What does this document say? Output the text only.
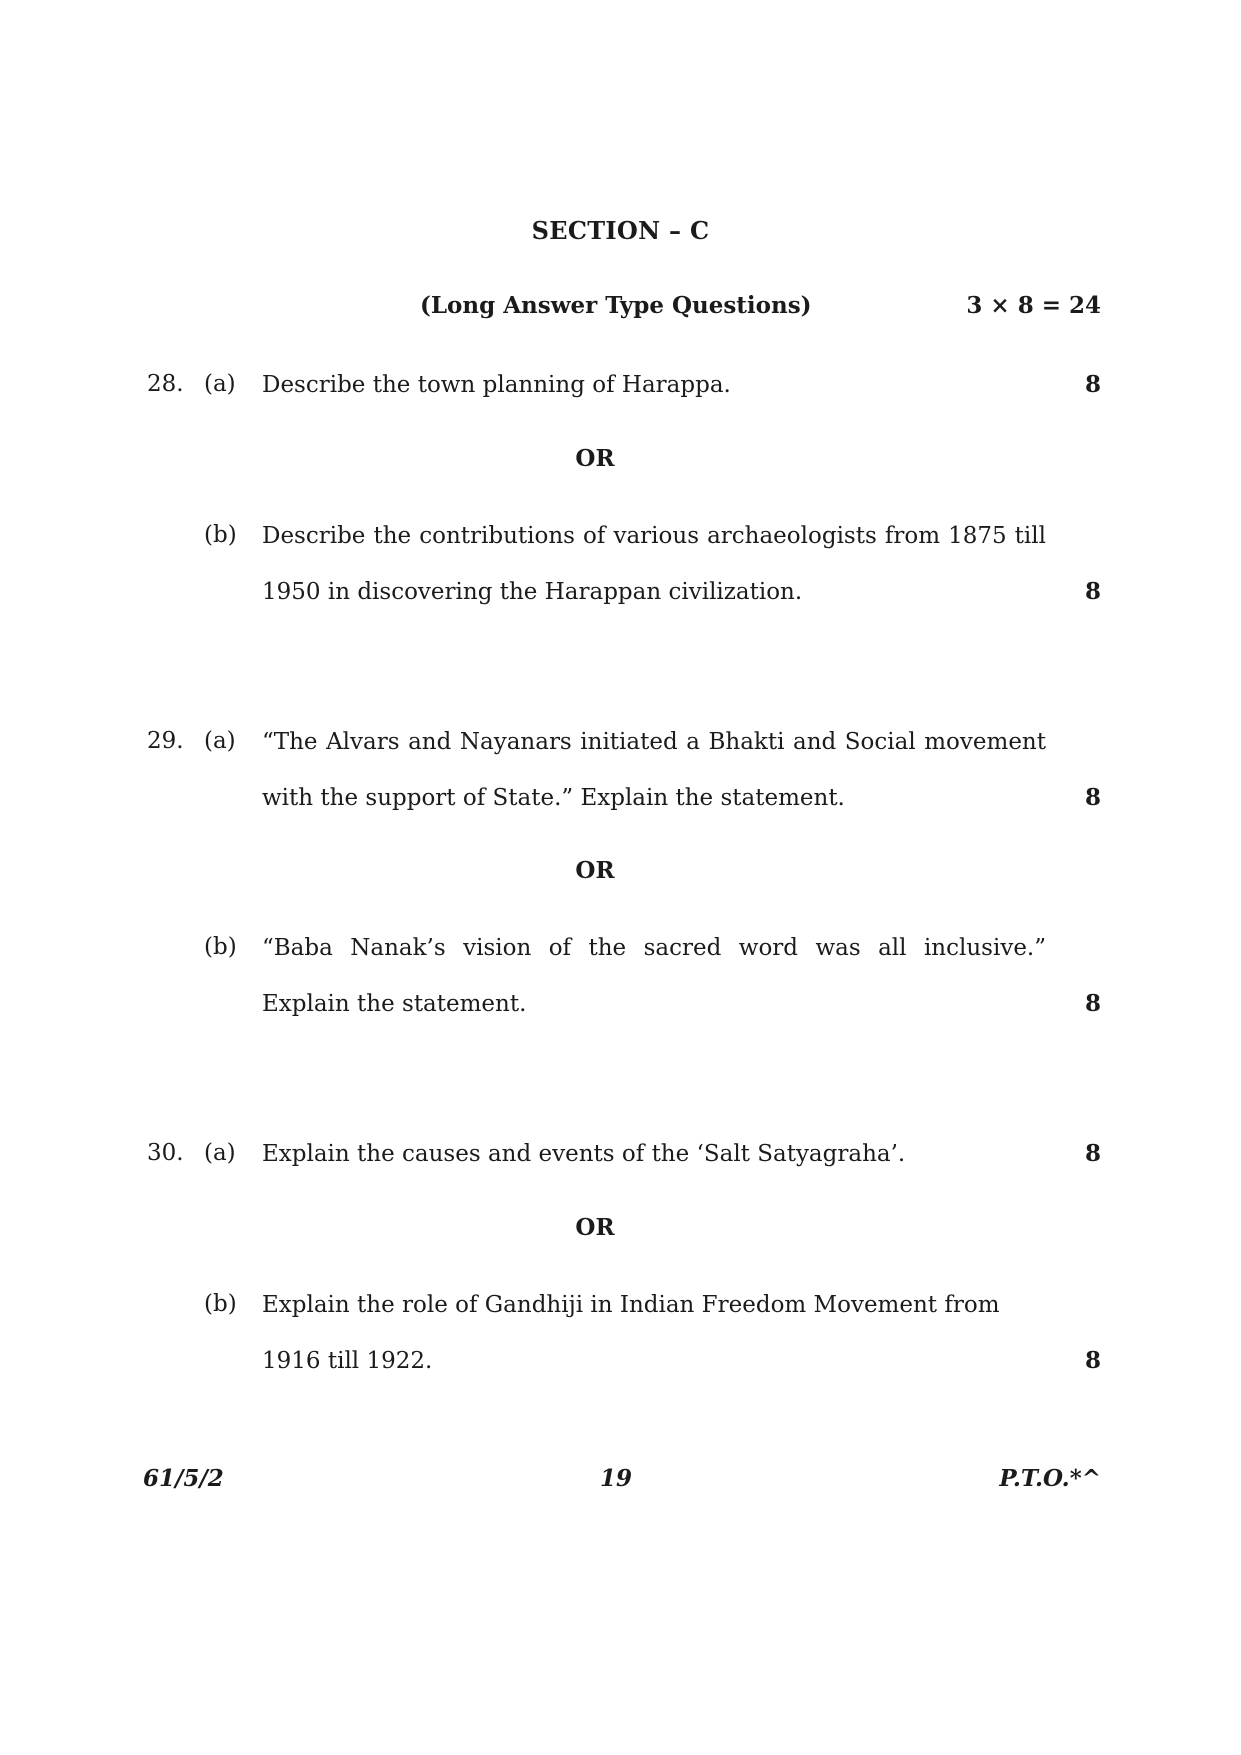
SECTION – C
(Long Answer Type Questions)	3 × 8 = 24
28. (a) Describe the town planning of Harappa.	8
OR
(b) Describe the contributions of various archaeologists from 1875 till 1950 in discovering the Harappan civilization.	8
29. (a) “The Alvars and Nayanars initiated a Bhakti and Social movement with the support of State.” Explain the statement.	8
OR
(b) “Baba Nanak’s vision of the sacred word was all inclusive.” Explain the statement.	8
30. (a) Explain the causes and events of the ‘Salt Satyagraha’.	8
OR
(b) Explain the role of Gandhiji in Indian Freedom Movement from 1916 till 1922.	8
61/5/2	19	P.T.O.*^
